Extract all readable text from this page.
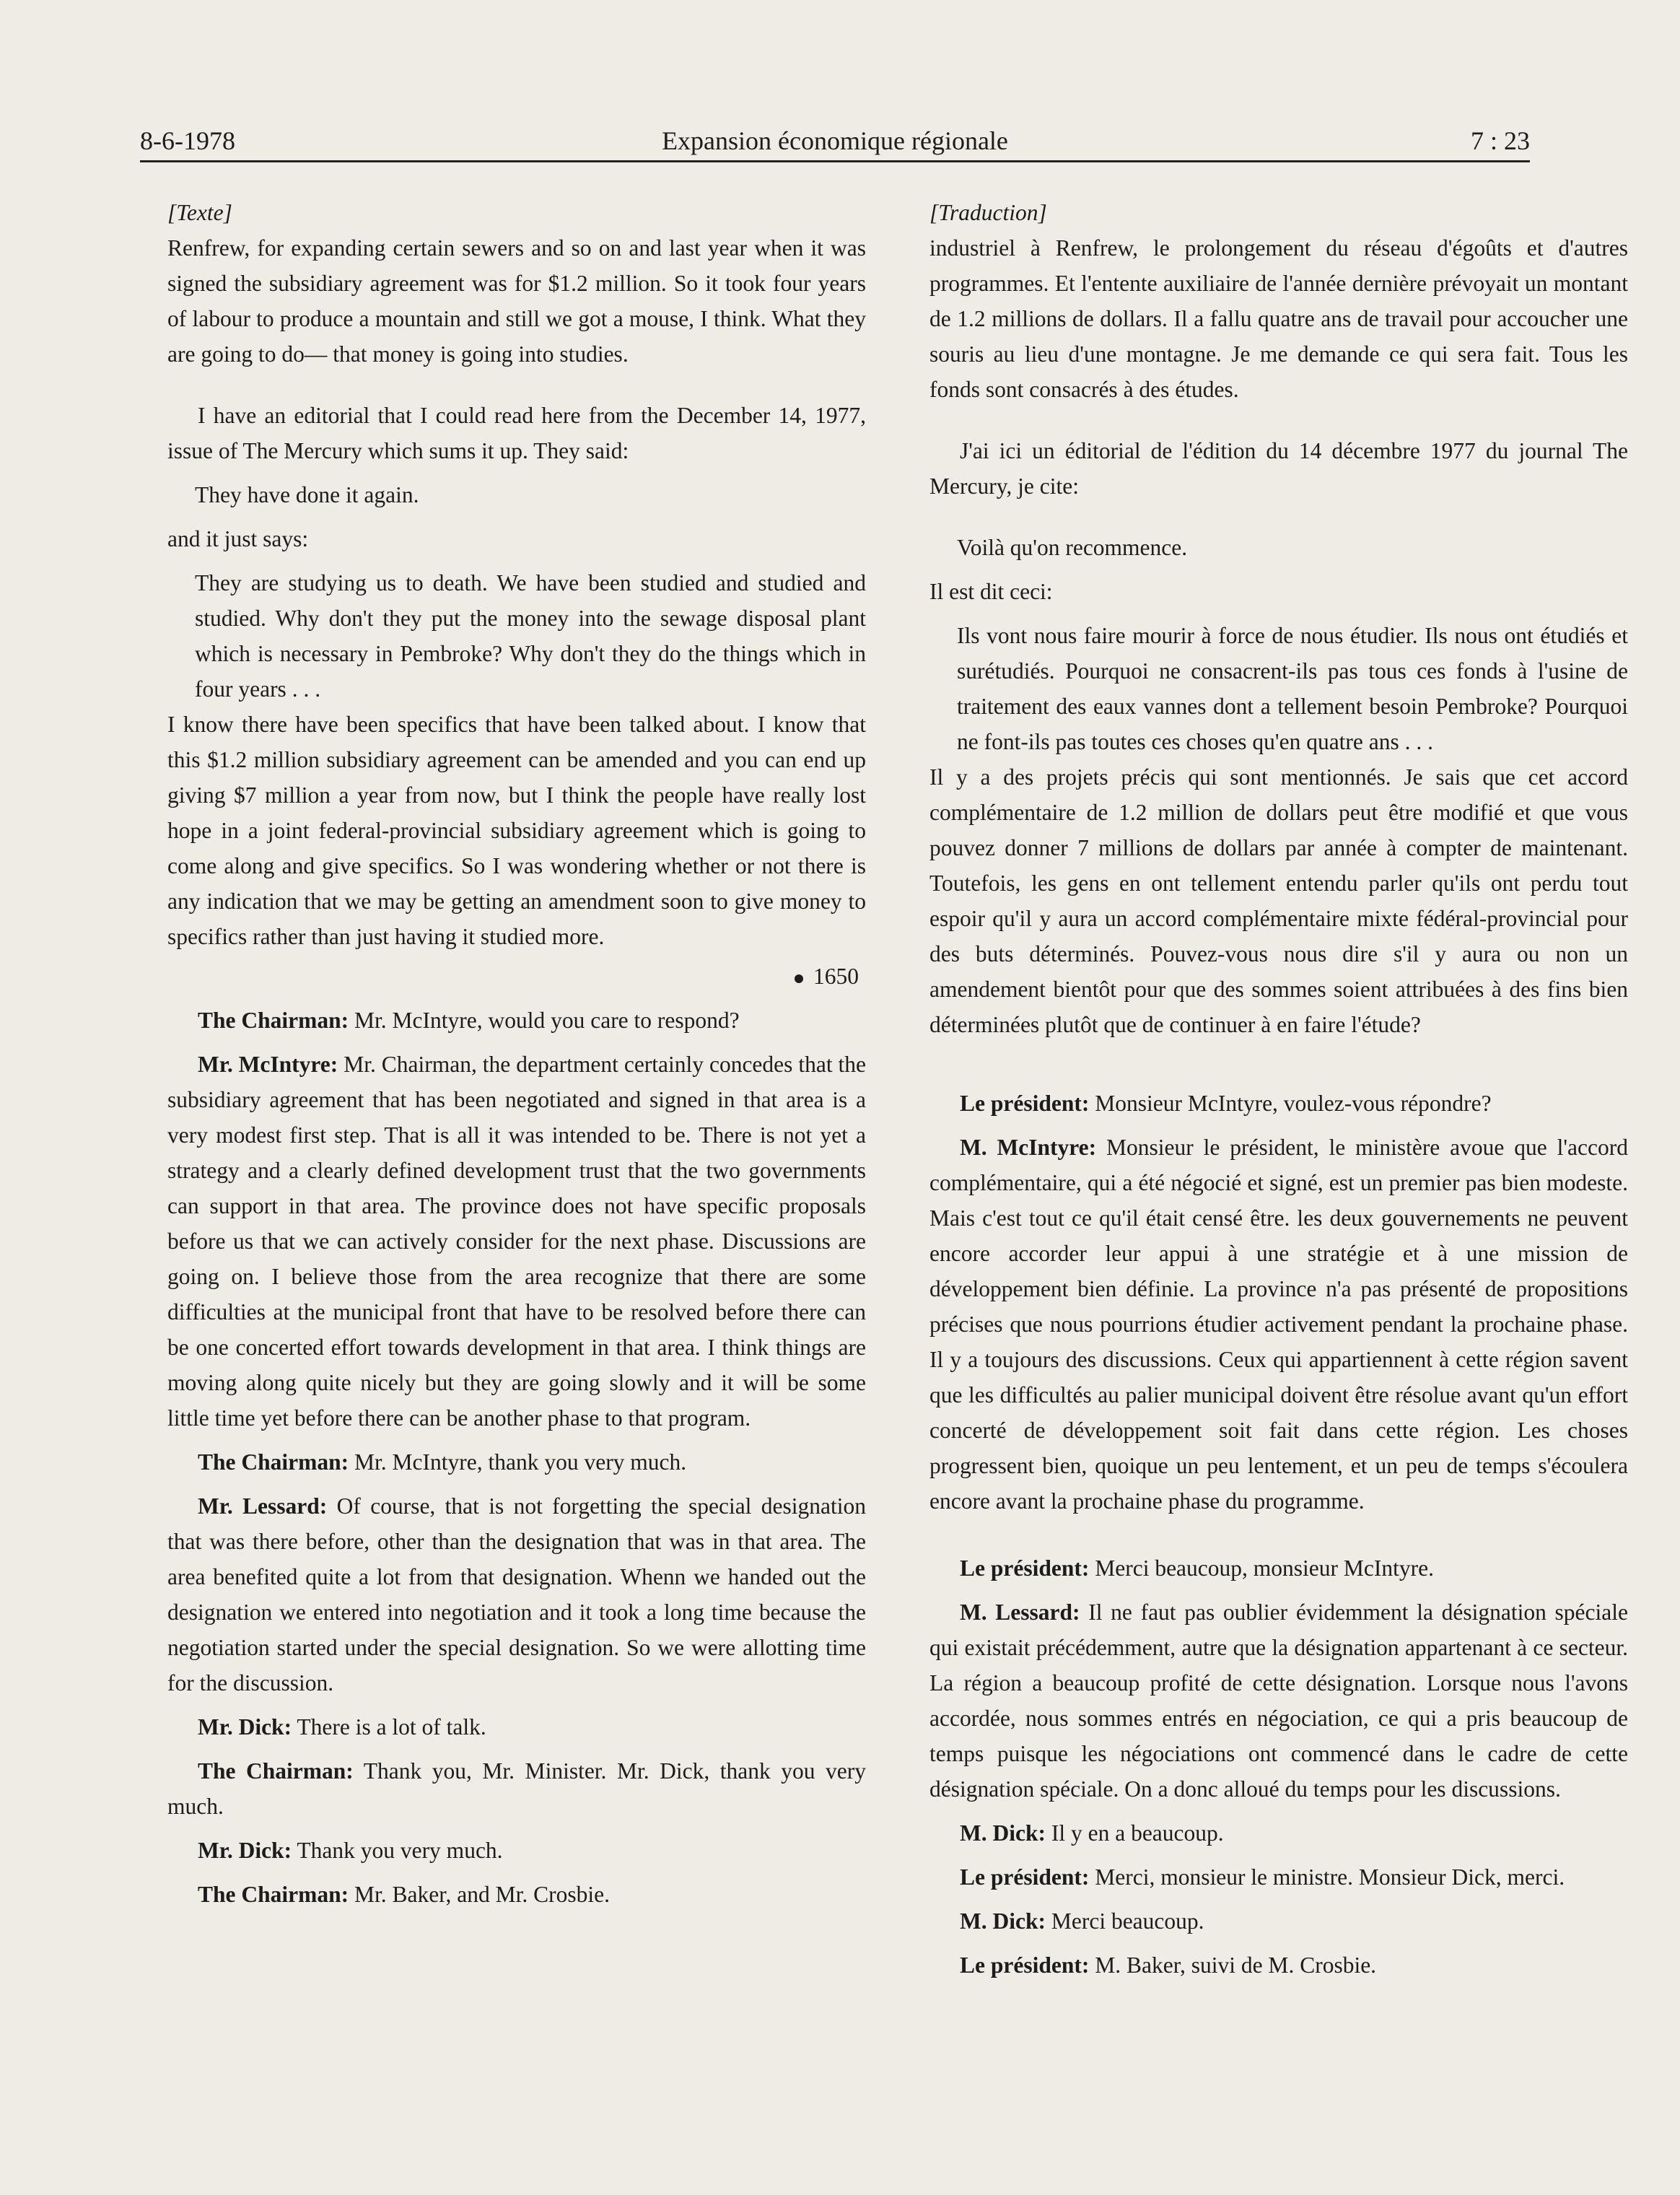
8-6-1978	Expansion économique régionale	7 : 23

[Texte]

Renfrew, for expanding certain sewers and so on and last year when it was signed the subsidiary agreement was for $1.2 million. So it took four years of labour to produce a mountain and still we got a mouse, I think. What they are going to do— that money is going into studies.

I have an editorial that I could read here from the December 14, 1977, issue of The Mercury which sums it up. They said:

They have done it again.

and it just says:

They are studying us to death. We have been studied and studied and studied. Why don't they put the money into the sewage disposal plant which is necessary in Pembroke? Why don't they do the things which in four years . . .

I know there have been specifics that have been talked about. I know that this $1.2 million subsidiary agreement can be amended and you can end up giving $7 million a year from now, but I think the people have really lost hope in a joint federal-provincial subsidiary agreement which is going to come along and give specifics. So I was wondering whether or not there is any indication that we may be getting an amendment soon to give money to specifics rather than just having it studied more.

1650

The Chairman: Mr. McIntyre, would you care to respond?

Mr. McIntyre: Mr. Chairman, the department certainly concedes that the subsidiary agreement that has been negotiated and signed in that area is a very modest first step. That is all it was intended to be. There is not yet a strategy and a clearly defined development trust that the two governments can support in that area. The province does not have specific proposals before us that we can actively consider for the next phase. Discussions are going on. I believe those from the area recognize that there are some difficulties at the municipal front that have to be resolved before there can be one concerted effort towards development in that area. I think things are moving along quite nicely but they are going slowly and it will be some little time yet before there can be another phase to that program.

The Chairman: Mr. McIntyre, thank you very much.

Mr. Lessard: Of course, that is not forgetting the special designation that was there before, other than the designation that was in that area. The area benefited quite a lot from that designation. Whenn we handed out the designation we entered into negotiation and it took a long time because the negotiation started under the special designation. So we were allotting time for the discussion.

Mr. Dick: There is a lot of talk.

The Chairman: Thank you, Mr. Minister. Mr. Dick, thank you very much.

Mr. Dick: Thank you very much.

The Chairman: Mr. Baker, and Mr. Crosbie.

[Traduction]

industriel à Renfrew, le prolongement du réseau d'égoûts et d'autres programmes. Et l'entente auxiliaire de l'année dernière prévoyait un montant de 1.2 millions de dollars. Il a fallu quatre ans de travail pour accoucher une souris au lieu d'une montagne. Je me demande ce qui sera fait. Tous les fonds sont consacrés à des études.

J'ai ici un éditorial de l'édition du 14 décembre 1977 du journal The Mercury, je cite:

Voilà qu'on recommence.

Il est dit ceci:

Ils vont nous faire mourir à force de nous étudier. Ils nous ont étudiés et surétudiés. Pourquoi ne consacrent-ils pas tous ces fonds à l'usine de traitement des eaux vannes dont a tellement besoin Pembroke? Pourquoi ne font-ils pas toutes ces choses qu'en quatre ans . . .

Il y a des projets précis qui sont mentionnés. Je sais que cet accord complémentaire de 1.2 million de dollars peut être modifié et que vous pouvez donner 7 millions de dollars par année à compter de maintenant. Toutefois, les gens en ont tellement entendu parler qu'ils ont perdu tout espoir qu'il y aura un accord complémentaire mixte fédéral-provincial pour des buts déterminés. Pouvez-vous nous dire s'il y aura ou non un amendement bientôt pour que des sommes soient attribuées à des fins bien déterminées plutôt que de continuer à en faire l'étude?

Le président: Monsieur McIntyre, voulez-vous répondre?

M. McIntyre: Monsieur le président, le ministère avoue que l'accord complémentaire, qui a été négocié et signé, est un premier pas bien modeste. Mais c'est tout ce qu'il était censé être. les deux gouvernements ne peuvent encore accorder leur appui à une stratégie et à une mission de développement bien définie. La province n'a pas présenté de propositions précises que nous pourrions étudier activement pendant la prochaine phase. Il y a toujours des discussions. Ceux qui appartiennent à cette région savent que les difficultés au palier municipal doivent être résolue avant qu'un effort concerté de développement soit fait dans cette région. Les choses progressent bien, quoique un peu lentement, et un peu de temps s'écoulera encore avant la prochaine phase du programme.

Le président: Merci beaucoup, monsieur McIntyre.

M. Lessard: Il ne faut pas oublier évidemment la désignation spéciale qui existait précédemment, autre que la désignation appartenant à ce secteur. La région a beaucoup profité de cette désignation. Lorsque nous l'avons accordée, nous sommes entrés en négociation, ce qui a pris beaucoup de temps puisque les négociations ont commencé dans le cadre de cette désignation spéciale. On a donc alloué du temps pour les discussions.

M. Dick: Il y en a beaucoup.

Le président: Merci, monsieur le ministre. Monsieur Dick, merci.

M. Dick: Merci beaucoup.

Le président: M. Baker, suivi de M. Crosbie.
